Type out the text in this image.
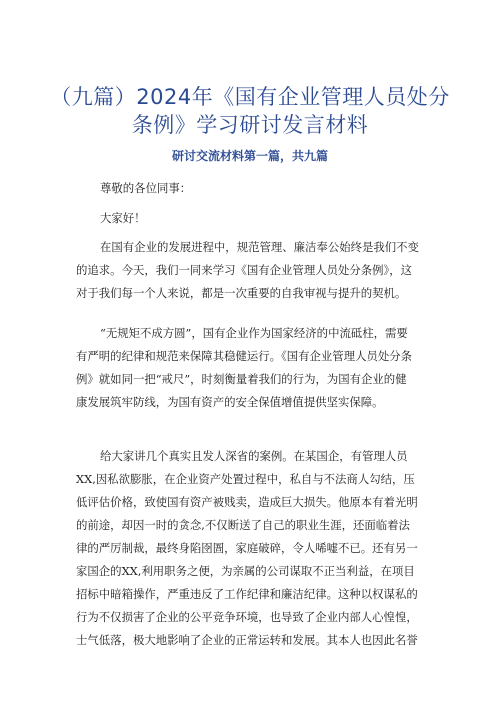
（九篇）2024年《国有企业管理人员处分
条例》学习研讨发言材料
研讨交流材料第一篇，共九篇

尊敬的各位同事：

大家好！

在国有企业的发展进程中，规范管理、廉洁奉公始终是我们不变
的追求。今天，我们一同来学习《国有企业管理人员处分条例》，这
对于我们每一个人来说，都是一次重要的自我审视与提升的契机。

“无规矩不成方圆”，国有企业作为国家经济的中流砥柱，需要
有严明的纪律和规范来保障其稳健运行。《国有企业管理人员处分条
例》就如同一把“戒尺”，时刻衡量着我们的行为，为国有企业的健
康发展筑牢防线，为国有资产的安全保值增值提供坚实保障。

给大家讲几个真实且发人深省的案例。在某国企，有管理人员
XX,因私欲膨胀，在企业资产处置过程中，私自与不法商人勾结，压
低评估价格，致使国有资产被贱卖，造成巨大损失。他原本有着光明
的前途，却因一时的贪念,不仅断送了自己的职业生涯，还面临着法
律的严厉制裁，最终身陷囹圄，家庭破碎，令人唏嘘不已。还有另一
家国企的XX,利用职务之便，为亲属的公司谋取不正当利益，在项目
招标中暗箱操作，严重违反了工作纪律和廉洁纪律。这种以权谋私的
行为不仅损害了企业的公平竞争环境，也导致了企业内部人心惶惶，
士气低落，极大地影响了企业的正常运转和发展。其本人也因此名誉
